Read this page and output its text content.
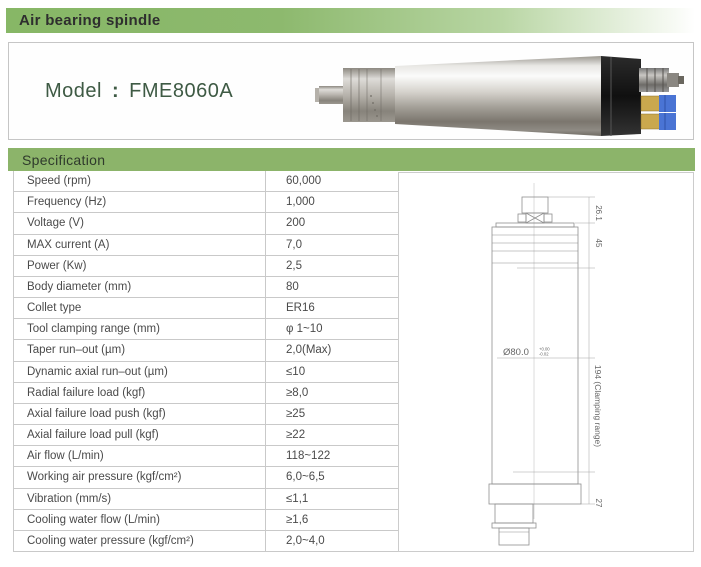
Air bearing spindle
Model : FME8060A
Specification
Speed (rpm)	60,000
Frequency (Hz)	1,000
Voltage (V)	200
MAX current (A)	7,0
Power (Kw)	2,5
Body diameter (mm)	80
Collet type	ER16
Tool clamping range (mm)	φ 1~10
Taper run–out (µm)	2,0(Max)
Dynamic axial run–out (µm)	≤10
Radial failure load (kgf)	≥8,0
Axial failure load push (kgf)	≥25
Axial failure load pull (kgf)	≥22
Air flow (L/min)	118~122
Working air pressure (kgf/cm²)	6,0~6,5
Vibration (mm/s)	≤1,1
Cooling water flow (L/min)	≥1,6
Cooling water pressure (kgf/cm²)	2,0~4,0
26.1
45
194 (Clamping range)
27
Ø80.0 +0.00
-0.02
